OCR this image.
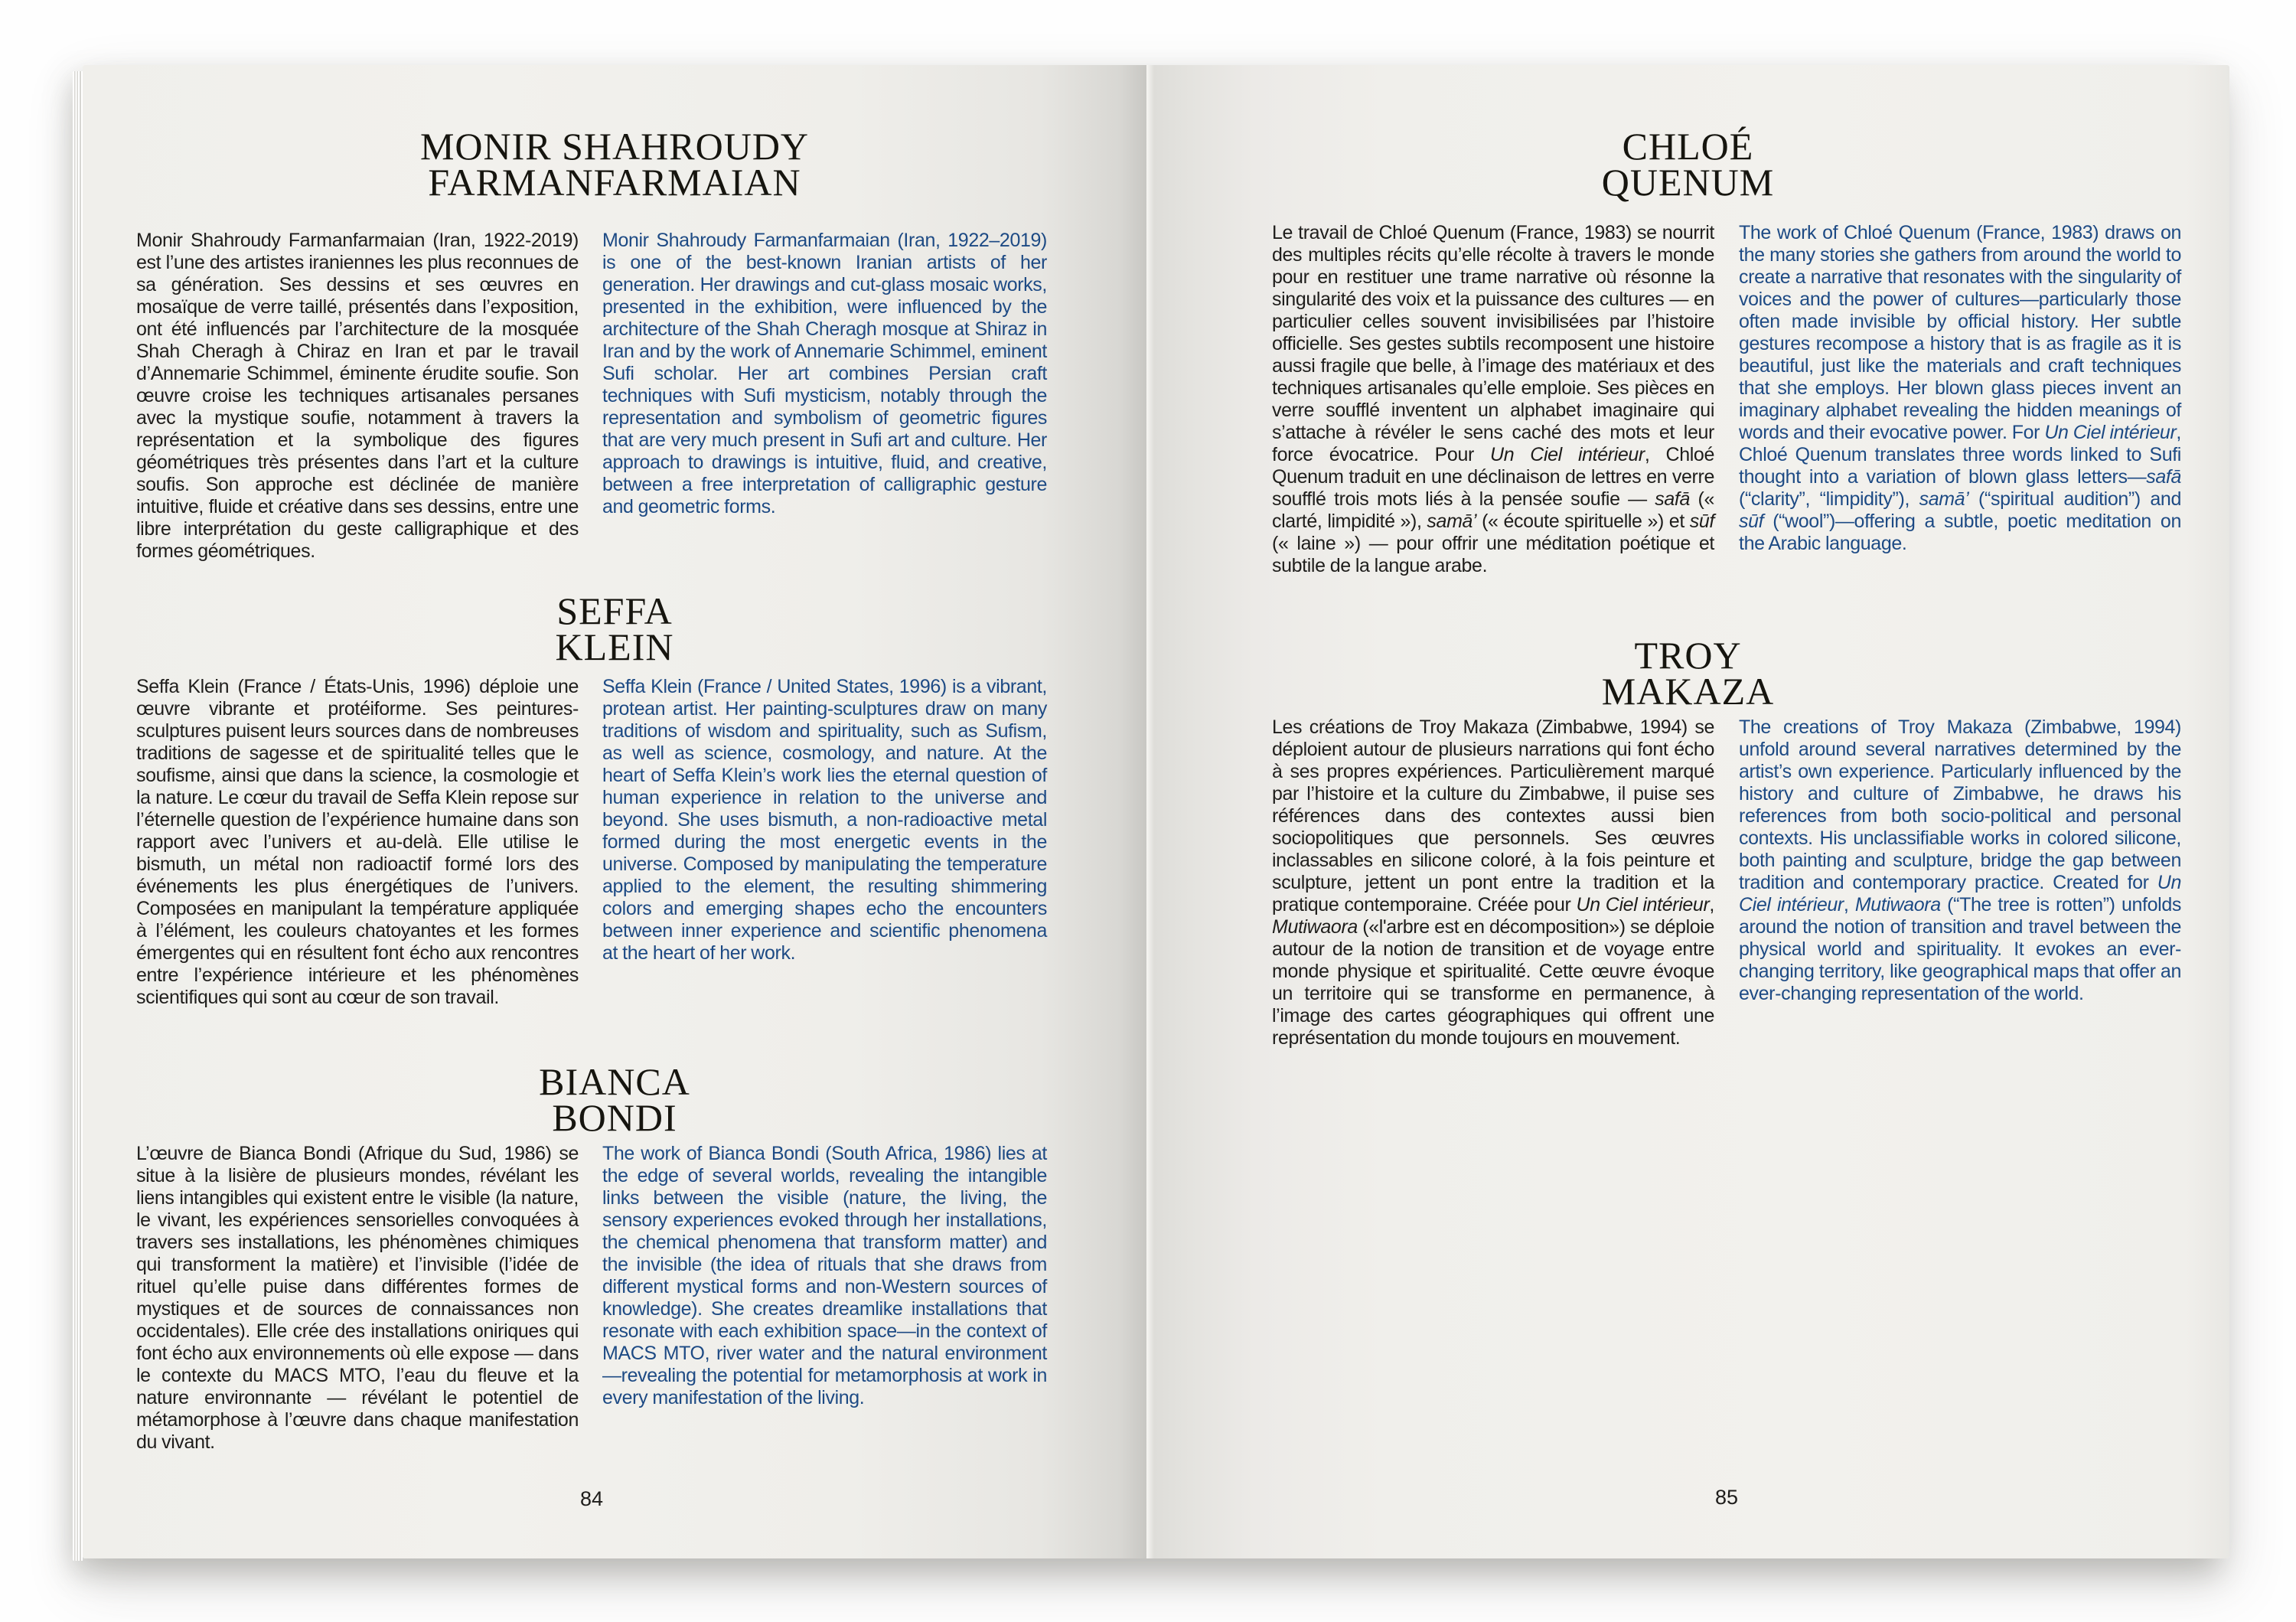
MONIR SHAHROUDY
FARMANFARMAIAN
Monir Shahroudy Farmanfarmaian (Iran, 1922-2019) est l’une des artistes iraniennes les plus reconnues de sa génération. Ses dessins et ses œuvres en mosaïque de verre taillé, présentés dans l’exposition, ont été influencés par l’architecture de la mosquée Shah Cheragh à Chiraz en Iran et par le travail d’Annemarie Schimmel, éminente érudite soufie. Son œuvre croise les techniques artisanales persanes avec la mystique soufie, notamment à travers la représentation et la symbolique des figures géométriques très présentes dans l’art et la culture soufis. Son approche est déclinée de manière intuitive, fluide et créative dans ses dessins, entre une libre interprétation du geste calligraphique et des formes géométriques.
Monir Shahroudy Farmanfarmaian (Iran, 1922–2019) is one of the best-known Iranian artists of her generation. Her drawings and cut-glass mosaic works, presented in the exhibition, were influenced by the architecture of the Shah Cheragh mosque at Shiraz in Iran and by the work of Annemarie Schimmel, eminent Sufi scholar. Her art combines Persian craft techniques with Sufi mysticism, notably through the representation and symbolism of geometric figures that are very much present in Sufi art and culture. Her approach to drawings is intuitive, fluid, and creative, between a free interpretation of calligraphic gesture and geometric forms.
SEFFA
KLEIN
Seffa Klein (France / États-Unis, 1996) déploie une œuvre vibrante et protéiforme. Ses peintures-sculptures puisent leurs sources dans de nombreuses traditions de sagesse et de spiritualité telles que le soufisme, ainsi que dans la science, la cosmologie et la nature. Le cœur du travail de Seffa Klein repose sur l’éternelle question de l’expérience humaine dans son rapport avec l’univers et au-delà. Elle utilise le bismuth, un métal non radioactif formé lors des événements les plus énergétiques de l’univers. Composées en manipulant la température appliquée à l’élément, les couleurs chatoyantes et les formes émergentes qui en résultent font écho aux rencontres entre l’expérience intérieure et les phénomènes scientifiques qui sont au cœur de son travail.
Seffa Klein (France / United States, 1996) is a vibrant, protean artist. Her painting-sculptures draw on many traditions of wisdom and spirituality, such as Sufism, as well as science, cosmology, and nature. At the heart of Seffa Klein’s work lies the eternal question of human experience in relation to the universe and beyond. She uses bismuth, a non-radioactive metal formed during the most energetic events in the universe. Composed by manipulating the temperature applied to the element, the resulting shimmering colors and emerging shapes echo the encounters between inner experience and scientific phenomena at the heart of her work.
BIANCA
BONDI
L’œuvre de Bianca Bondi (Afrique du Sud, 1986) se situe à la lisière de plusieurs mondes, révélant les liens intangibles qui existent entre le visible (la nature, le vivant, les expériences sensorielles convoquées à travers ses installations, les phénomènes chimiques qui transforment la matière) et l’invisible (l’idée de rituel qu’elle puise dans différentes formes de mystiques et de sources de connaissances non occidentales). Elle crée des installations oniriques qui font écho aux environnements où elle expose — dans le contexte du MACS MTO, l’eau du fleuve et la nature environnante — révélant le potentiel de métamorphose à l’œuvre dans chaque manifestation du vivant.
The work of Bianca Bondi (South Africa, 1986) lies at the edge of several worlds, revealing the intangible links between the visible (nature, the living, the sensory experiences evoked through her installations, the chemical phenomena that transform matter) and the invisible (the idea of rituals that she draws from different mystical forms and non-Western sources of knowledge). She creates dreamlike installations that resonate with each exhibition space—in the context of MACS MTO, river water and the natural environment—revealing the potential for metamorphosis at work in every manifestation of the living.
84
CHLOÉ
QUENUM
Le travail de Chloé Quenum (France, 1983) se nourrit des multiples récits qu’elle récolte à travers le monde pour en restituer une trame narrative où résonne la singularité des voix et la puissance des cultures — en particulier celles souvent invisibilisées par l’histoire officielle. Ses gestes subtils recomposent une histoire aussi fragile que belle, à l’image des matériaux et des techniques artisanales qu’elle emploie. Ses pièces en verre soufflé inventent un alphabet imaginaire qui s’attache à révéler le sens caché des mots et leur force évocatrice. Pour Un Ciel intérieur, Chloé Quenum traduit en une déclinaison de lettres en verre soufflé trois mots liés à la pensée soufie — safā (« clarté, limpidité »), samā’ (« écoute spirituelle ») et sūf (« laine ») — pour offrir une méditation poétique et subtile de la langue arabe.
The work of Chloé Quenum (France, 1983) draws on the many stories she gathers from around the world to create a narrative that resonates with the singularity of voices and the power of cultures—particularly those often made invisible by official history. Her subtle gestures recompose a history that is as fragile as it is beautiful, just like the materials and craft techniques that she employs. Her blown glass pieces invent an imaginary alphabet revealing the hidden meanings of words and their evocative power. For Un Ciel intérieur, Chloé Quenum translates three words linked to Sufi thought into a variation of blown glass letters—safā (“clarity”, “limpidity”), samā’ (“spiritual audition”) and sūf (“wool”)—offering a subtle, poetic meditation on the Arabic language.
TROY
MAKAZA
Les créations de Troy Makaza (Zimbabwe, 1994) se déploient autour de plusieurs narrations qui font écho à ses propres expériences. Particulièrement marqué par l’histoire et la culture du Zimbabwe, il puise ses références dans des contextes aussi bien sociopolitiques que personnels. Ses œuvres inclassables en silicone coloré, à la fois peinture et sculpture, jettent un pont entre la tradition et la pratique contemporaine. Créée pour Un Ciel intérieur, Mutiwaora («l'arbre est en décomposition») se déploie autour de la notion de transition et de voyage entre monde physique et spiritualité. Cette œuvre évoque un territoire qui se transforme en permanence, à l’image des cartes géographiques qui offrent une représentation du monde toujours en mouvement.
The creations of Troy Makaza (Zimbabwe, 1994) unfold around several narratives determined by the artist’s own experience. Particularly influenced by the history and culture of Zimbabwe, he draws his references from both socio-political and personal contexts. His unclassifiable works in colored silicone, both painting and sculpture, bridge the gap between tradition and contemporary practice. Created for Un Ciel intérieur, Mutiwaora (“The tree is rotten”) unfolds around the notion of transition and travel between the physical world and spirituality. It evokes an ever-changing territory, like geographical maps that offer an ever-changing representation of the world.
85
